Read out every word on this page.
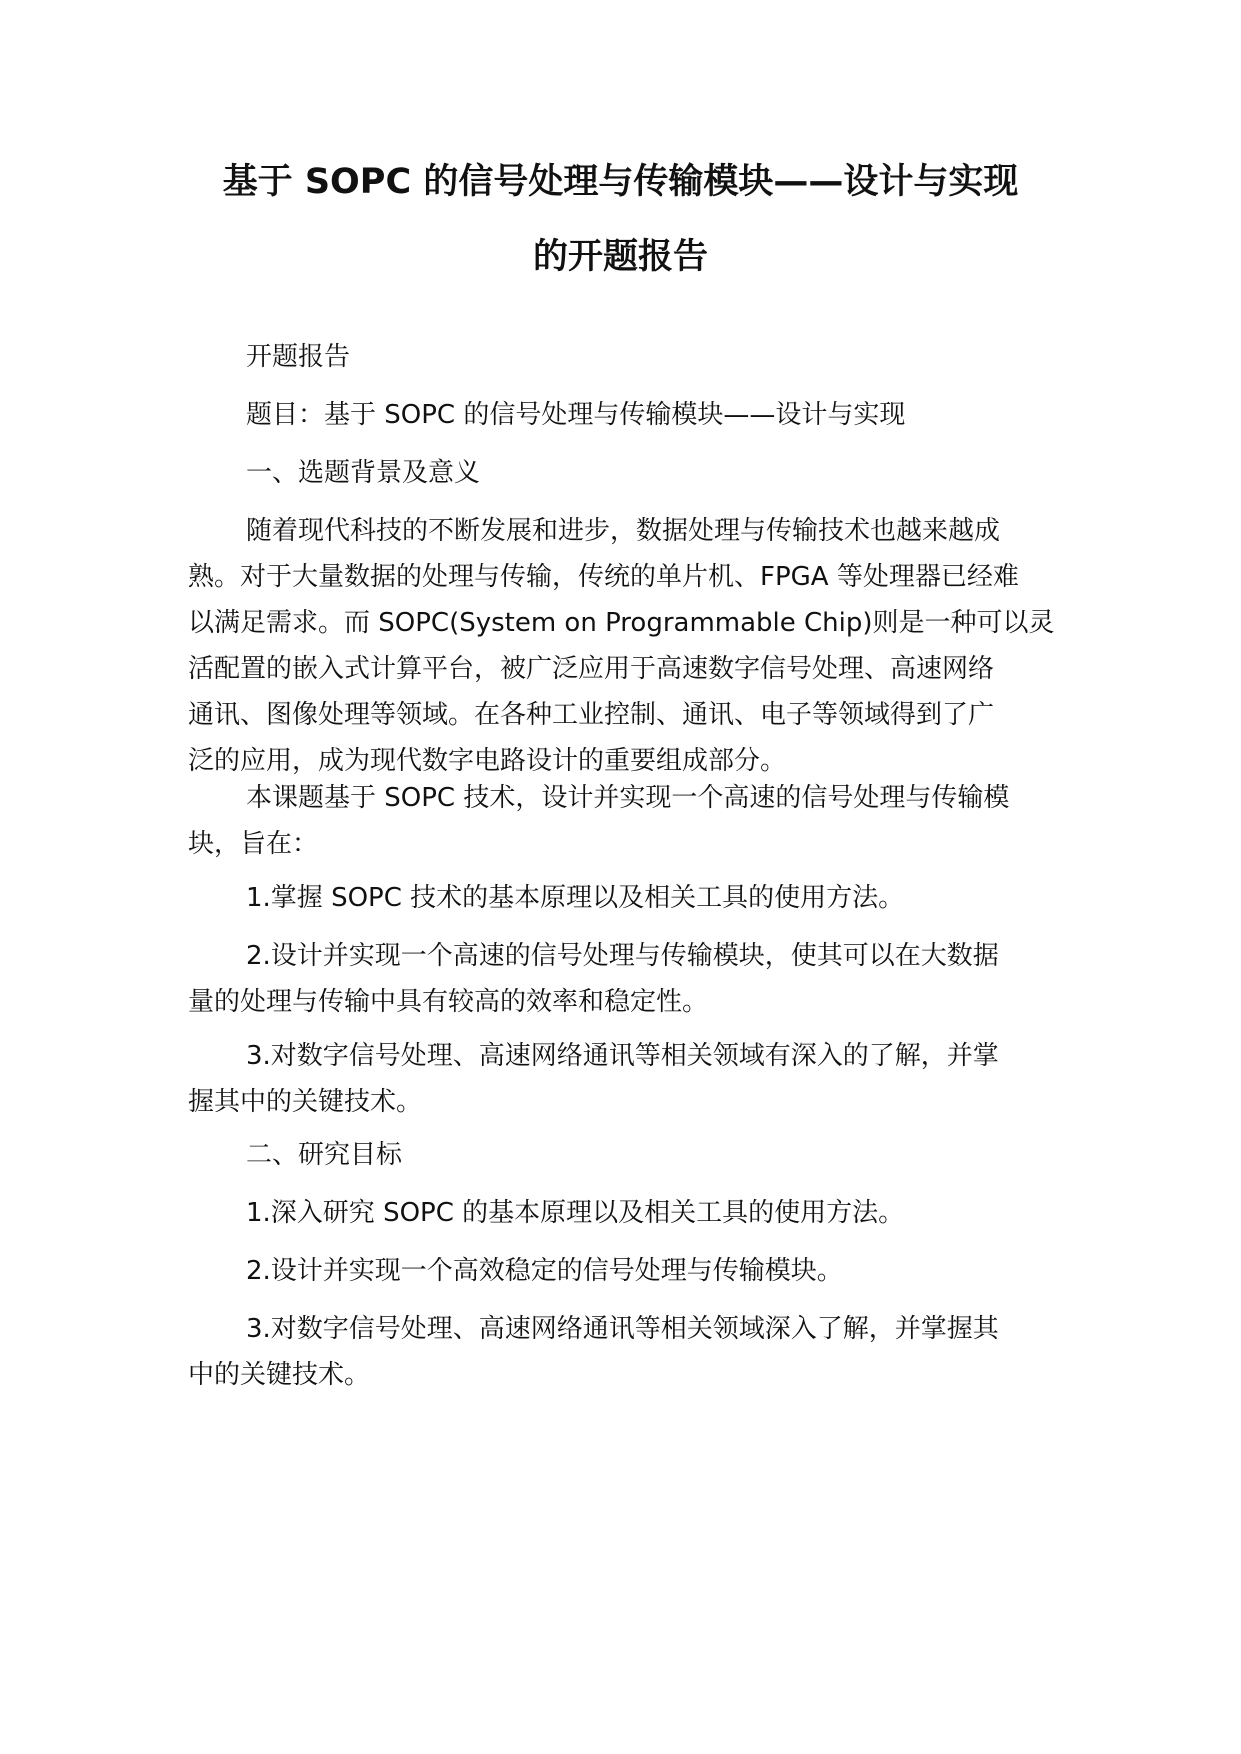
基于 SOPC 的信号处理与传输模块——设计与实现
的开题报告
开题报告
题目：基于 SOPC 的信号处理与传输模块——设计与实现
一、选题背景及意义
随着现代科技的不断发展和进步，数据处理与传输技术也越来越成
熟。对于大量数据的处理与传输，传统的单片机、FPGA 等处理器已经难
以满足需求。而 SOPC(System on Programmable Chip)则是一种可以灵
活配置的嵌入式计算平台，被广泛应用于高速数字信号处理、高速网络
通讯、图像处理等领域。在各种工业控制、通讯、电子等领域得到了广
泛的应用，成为现代数字电路设计的重要组成部分。
本课题基于 SOPC 技术，设计并实现一个高速的信号处理与传输模
块，旨在：
1.掌握 SOPC 技术的基本原理以及相关工具的使用方法。
2.设计并实现一个高速的信号处理与传输模块，使其可以在大数据
量的处理与传输中具有较高的效率和稳定性。
3.对数字信号处理、高速网络通讯等相关领域有深入的了解，并掌
握其中的关键技术。
二、研究目标
1.深入研究 SOPC 的基本原理以及相关工具的使用方法。
2.设计并实现一个高效稳定的信号处理与传输模块。
3.对数字信号处理、高速网络通讯等相关领域深入了解，并掌握其
中的关键技术。
